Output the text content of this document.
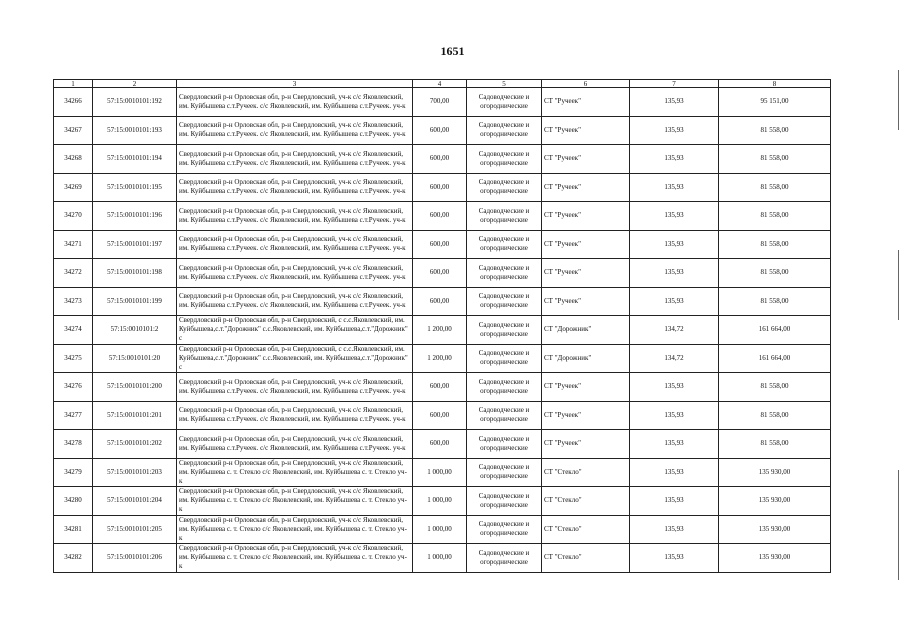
1651
1	2	3	4	5	6	7	8
34266	57:15:0010101:192	Свердловский р-н Орловская обл, р-н Свердловский, уч-к с/с Яковлевский, им. Куйбышева с.т.Ручеек. с/с Яковлевский, им. Куйбышева с.т.Ручеек. уч-к	700,00	Садоводческие и огороднические	СТ "Ручеек"	135,93	95 151,00
34267	57:15:0010101:193	Свердловский р-н Орловская обл, р-н Свердловский, уч-к с/с Яковлевский, им. Куйбышева с.т.Ручеек. с/с Яковлевский, им. Куйбышева с.т.Ручеек. уч-к	600,00	Садоводческие и огороднические	СТ "Ручеек"	135,93	81 558,00
34268	57:15:0010101:194	Свердловский р-н Орловская обл, р-н Свердловский, уч-к с/с Яковлевский, им. Куйбышева с.т.Ручеек. с/с Яковлевский, им. Куйбышева с.т.Ручеек. уч-к	600,00	Садоводческие и огороднические	СТ "Ручеек"	135,93	81 558,00
34269	57:15:0010101:195	Свердловский р-н Орловская обл, р-н Свердловский, уч-к с/с Яковлевский, им. Куйбышева с.т.Ручеек. с/с Яковлевский, им. Куйбышева с.т.Ручеек. уч-к	600,00	Садоводческие и огороднические	СТ "Ручеек"	135,93	81 558,00
34270	57:15:0010101:196	Свердловский р-н Орловская обл, р-н Свердловский, уч-к с/с Яковлевский, им. Куйбышева с.т.Ручеек. с/с Яковлевский, им. Куйбышева с.т.Ручеек. уч-к	600,00	Садоводческие и огороднические	СТ "Ручеек"	135,93	81 558,00
34271	57:15:0010101:197	Свердловский р-н Орловская обл, р-н Свердловский, уч-к с/с Яковлевский, им. Куйбышева с.т.Ручеек. с/с Яковлевский, им. Куйбышева с.т.Ручеек. уч-к	600,00	Садоводческие и огороднические	СТ "Ручеек"	135,93	81 558,00
34272	57:15:0010101:198	Свердловский р-н Орловская обл, р-н Свердловский, уч-к с/с Яковлевский, им. Куйбышева с.т.Ручеек. с/с Яковлевский, им. Куйбышева с.т.Ручеек. уч-к	600,00	Садоводческие и огороднические	СТ "Ручеек"	135,93	81 558,00
34273	57:15:0010101:199	Свердловский р-н Орловская обл, р-н Свердловский, уч-к с/с Яковлевский, им. Куйбышева с.т.Ручеек. с/с Яковлевский, им. Куйбышева с.т.Ручеек. уч-к	600,00	Садоводческие и огороднические	СТ "Ручеек"	135,93	81 558,00
34274	57:15:0010101:2	Свердловский р-н Орловская обл, р-н Свердловский, с с.с.Яковлевский, им. Куйбышева,с.т."Дорожник" с.с.Яковлевский, им. Куйбышева,с.т."Дорожник" с	1 200,00	Садоводческие и огороднические	СТ "Дорожник"	134,72	161 664,00
34275	57:15:0010101:20	Свердловский р-н Орловская обл, р-н Свердловский, с с.с.Яковлевский, им. Куйбышева,с.т."Дорожник" с.с.Яковлевский, им. Куйбышева,с.т."Дорожник" с	1 200,00	Садоводческие и огороднические	СТ "Дорожник"	134,72	161 664,00
34276	57:15:0010101:200	Свердловский р-н Орловская обл, р-н Свердловский, уч-к с/с Яковлевский, им. Куйбышева с.т.Ручеек. с/с Яковлевский, им. Куйбышева с.т.Ручеек. уч-к	600,00	Садоводческие и огороднические	СТ "Ручеек"	135,93	81 558,00
34277	57:15:0010101:201	Свердловский р-н Орловская обл, р-н Свердловский, уч-к с/с Яковлевский, им. Куйбышева с.т.Ручеек. с/с Яковлевский, им. Куйбышева с.т.Ручеек. уч-к	600,00	Садоводческие и огороднические	СТ "Ручеек"	135,93	81 558,00
34278	57:15:0010101:202	Свердловский р-н Орловская обл, р-н Свердловский, уч-к с/с Яковлевский, им. Куйбышева с.т.Ручеек. с/с Яковлевский, им. Куйбышева с.т.Ручеек. уч-к	600,00	Садоводческие и огороднические	СТ "Ручеек"	135,93	81 558,00
34279	57:15:0010101:203	Свердловский р-н Орловская обл, р-н Свердловский, уч-к с/с Яковлевский, им. Куйбышева с. т. Стекло с/с Яковлевский, им. Куйбышева с. т. Стекло уч-к	1 000,00	Садоводческие и огороднические	СТ "Стекло"	135,93	135 930,00
34280	57:15:0010101:204	Свердловский р-н Орловская обл, р-н Свердловский, уч-к с/с Яковлевский, им. Куйбышева с. т. Стекло с/с Яковлевский, им. Куйбышева с. т. Стекло уч-к	1 000,00	Садоводческие и огороднические	СТ "Стекло"	135,93	135 930,00
34281	57:15:0010101:205	Свердловский р-н Орловская обл, р-н Свердловский, уч-к с/с Яковлевский, им. Куйбышева с. т. Стекло с/с Яковлевский, им. Куйбышева с. т. Стекло уч-к	1 000,00	Садоводческие и огороднические	СТ "Стекло"	135,93	135 930,00
34282	57:15:0010101:206	Свердловский р-н Орловская обл, р-н Свердловский, уч-к с/с Яковлевский, им. Куйбышева с. т. Стекло с/с Яковлевский, им. Куйбышева с. т. Стекло уч-к	1 000,00	Садоводческие и огороднические	СТ "Стекло"	135,93	135 930,00
